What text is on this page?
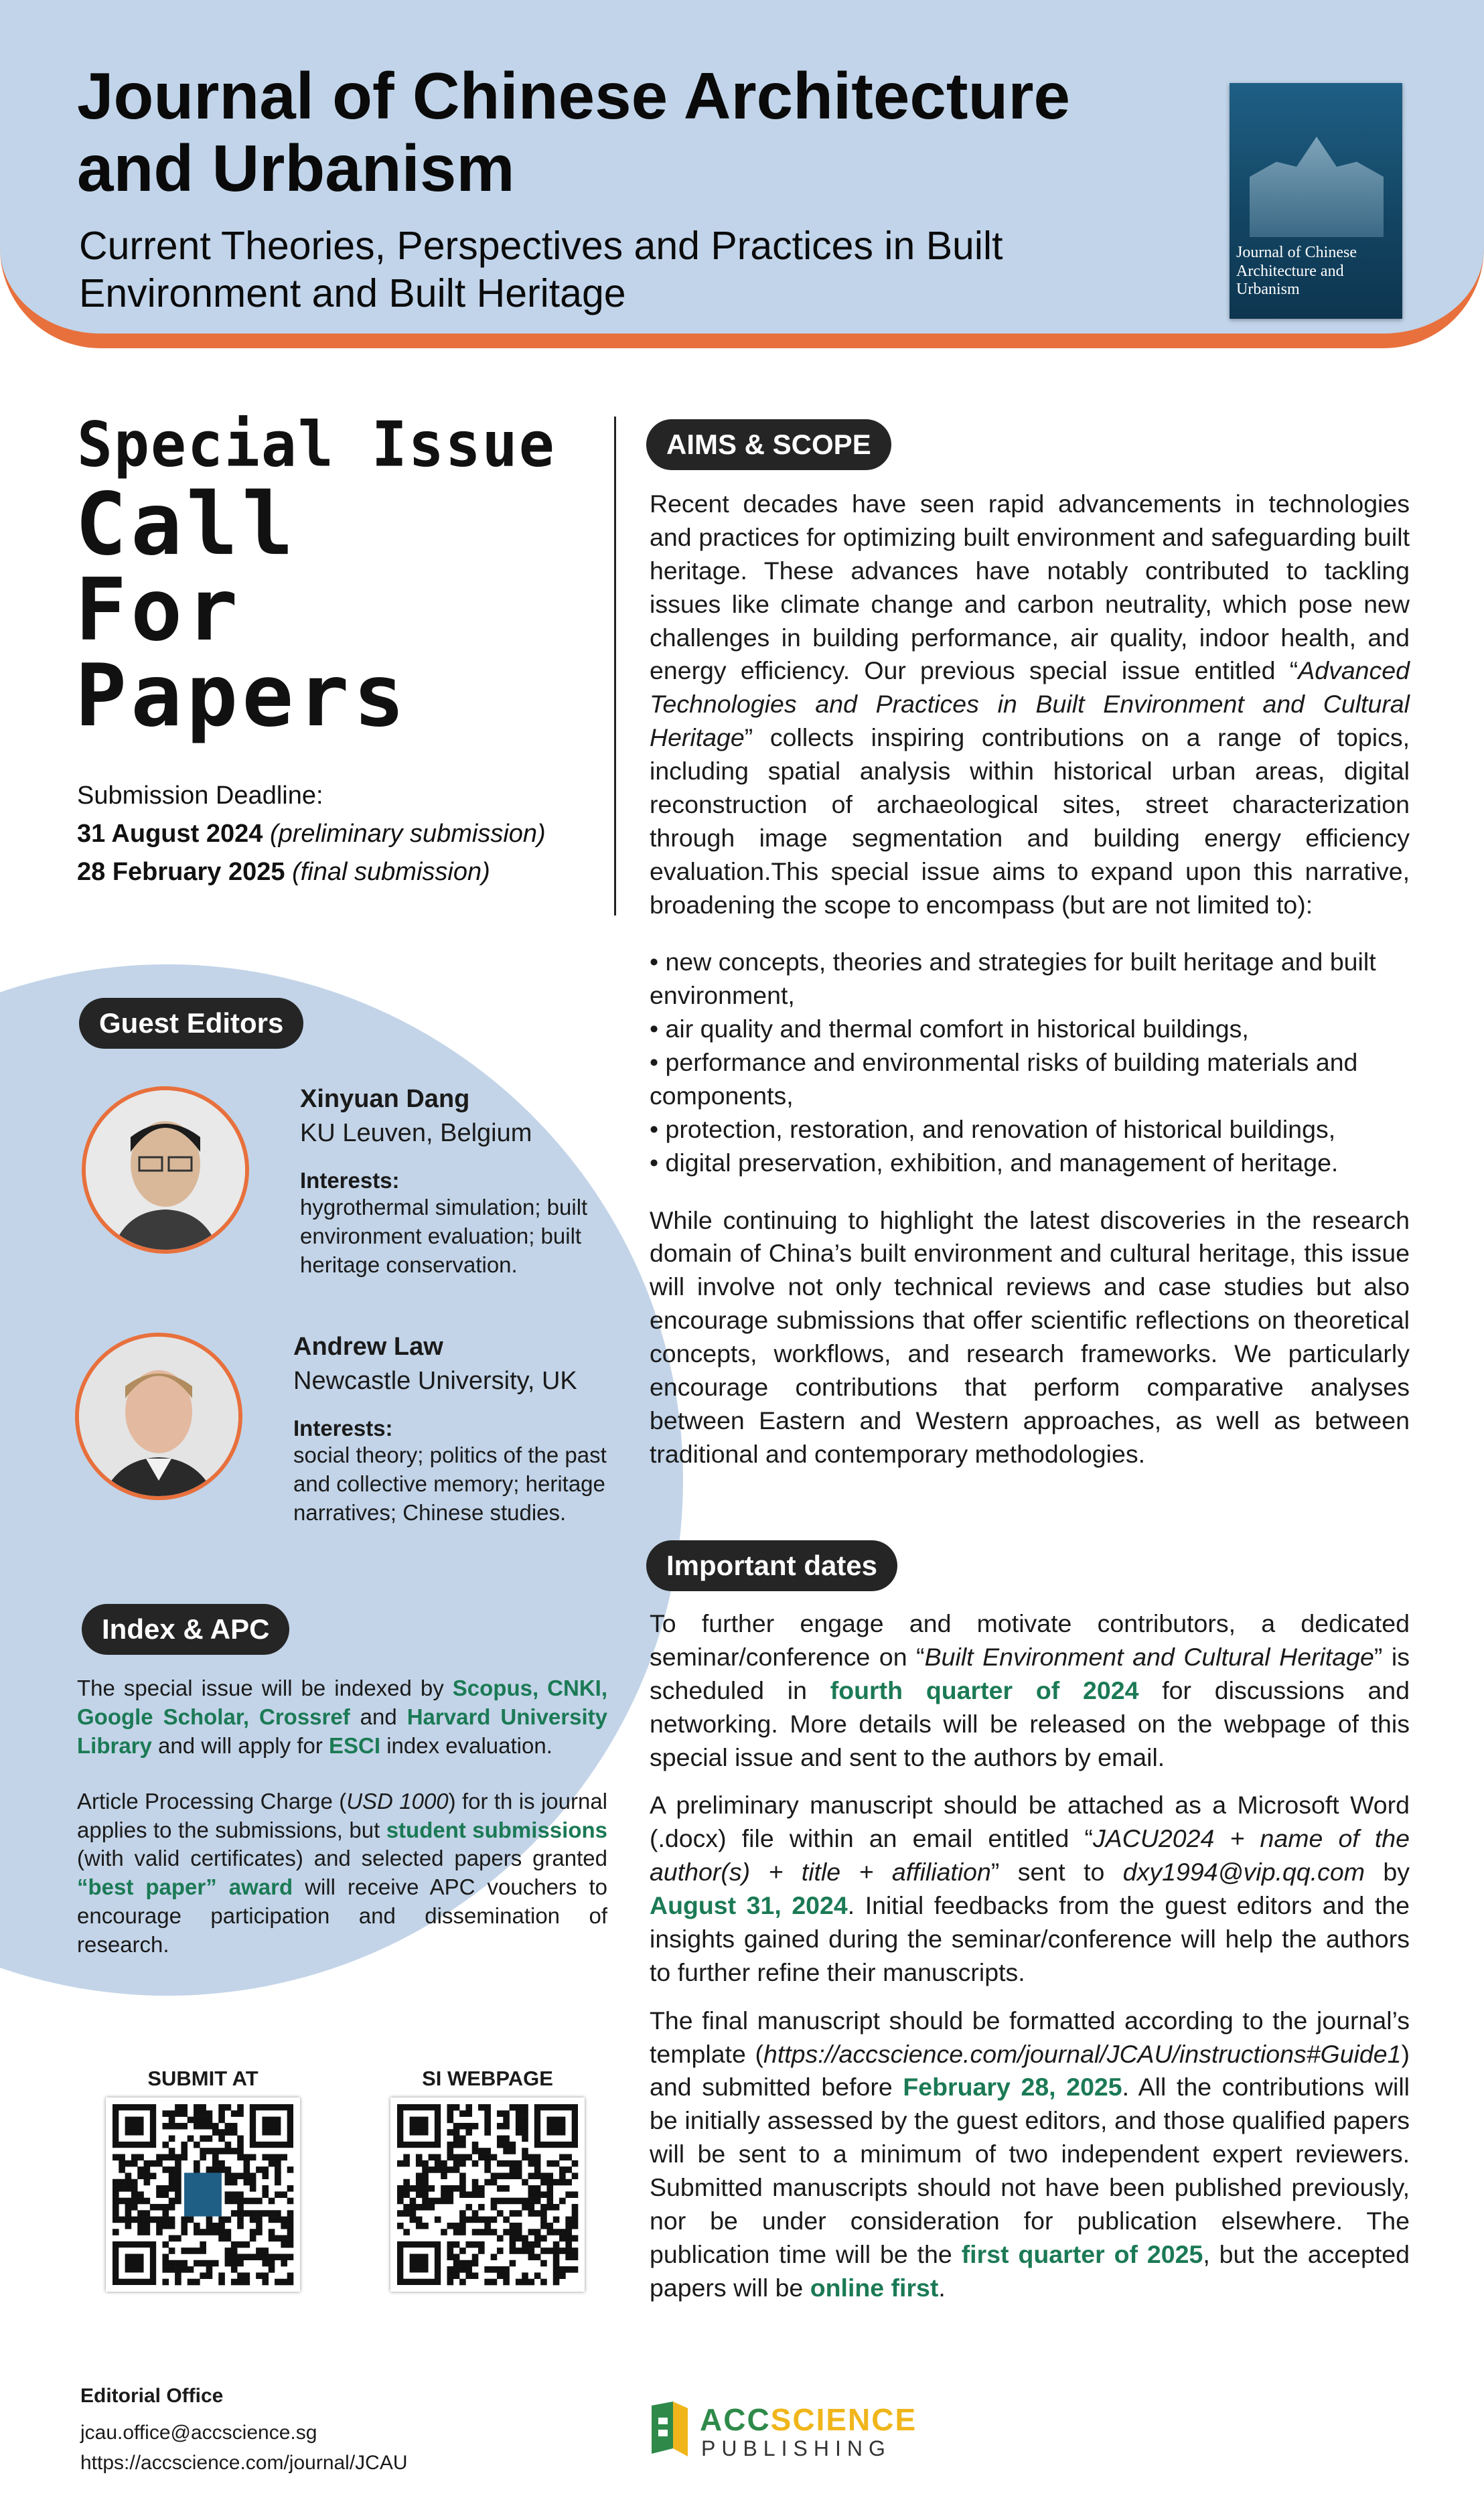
Journal of Chinese Architecture
and Urbanism
Current Theories, Perspectives and Practices in Built
Environment and Built Heritage
Journal of Chinese Architecture and Urbanism
Special Issue
Call
For
Papers
Submission Deadline:
31 August 2024 (preliminary submission)
28 February 2025 (final submission)
Guest Editors
Xinyuan Dang
KU Leuven, Belgium
Interests:
hygrothermal simulation; built
environment evaluation; built
heritage conservation.
Andrew Law
Newcastle University, UK
Interests:
social theory; politics of the past
and collective memory; heritage
narratives; Chinese studies.
Index & APC

The special issue will be indexed by Scopus, CNKI, Google Scholar, Crossref and Harvard University Library and will apply for ESCI index evaluation.

Article Processing Charge (USD 1000) for th is journal applies to the submissions, but student submissions (with valid certificates) and selected papers granted “best paper” award will receive APC vouchers to encourage participation and dissemination of research.

SUBMIT AT	SI WEBPAGE
Editorial Office
jcau.office@accscience.sg
https://accscience.com/journal/JCAU
ACCSCIENCE
PUBLISHING
AIMS & SCOPE

Recent decades have seen rapid advancements in technologies and practices for optimizing built environment and safeguarding built heritage. These advances have notably contributed to tackling issues like climate change and carbon neutrality, which pose new challenges in building performance, air quality, indoor health, and energy efficiency. Our previous special issue entitled “Advanced Technologies and Practices in Built Environment and Cultural Heritage” collects inspiring contributions on a range of topics, including spatial analysis within historical urban areas, digital reconstruction of archaeological sites, street characterization through image segmentation and building energy efficiency evaluation.This special issue aims to expand upon this narrative, broadening the scope to encompass (but are not limited to):

• new concepts, theories and strategies for built heritage and built environment,
• air quality and thermal comfort in historical buildings,
• performance and environmental risks of building materials and components,
• protection, restoration, and renovation of historical buildings,
• digital preservation, exhibition, and management of heritage.

While continuing to highlight the latest discoveries in the research domain of China’s built environment and cultural heritage, this issue will involve not only technical reviews and case studies but also encourage submissions that offer scientific reflections on theoretical concepts, workflows, and research frameworks. We particularly encourage contributions that perform comparative analyses between Eastern and Western approaches, as well as between traditional and contemporary methodologies.

Important dates

To further engage and motivate contributors, a dedicated seminar/conference on “Built Environment and Cultural Heritage” is scheduled in fourth quarter of 2024 for discussions and networking. More details will be released on the webpage of this special issue and sent to the authors by email.

A preliminary manuscript should be attached as a Microsoft Word (.docx) file within an email entitled “JACU2024 + name of the author(s) + title + affiliation” sent to dxy1994@vip.qq.com by August 31, 2024. Initial feedbacks from the guest editors and the insights gained during the seminar/conference will help the authors to further refine their manuscripts.

The final manuscript should be formatted according to the journal’s template (https://accscience.com/journal/JCAU/instructions#Guide1) and submitted before February 28, 2025. All the contributions will be initially assessed by the guest editors, and those qualified papers will be sent to a minimum of two independent expert reviewers. Submitted manuscripts should not have been published previously, nor be under consideration for publication elsewhere. The publication time will be the first quarter of 2025, but the accepted papers will be online first.
